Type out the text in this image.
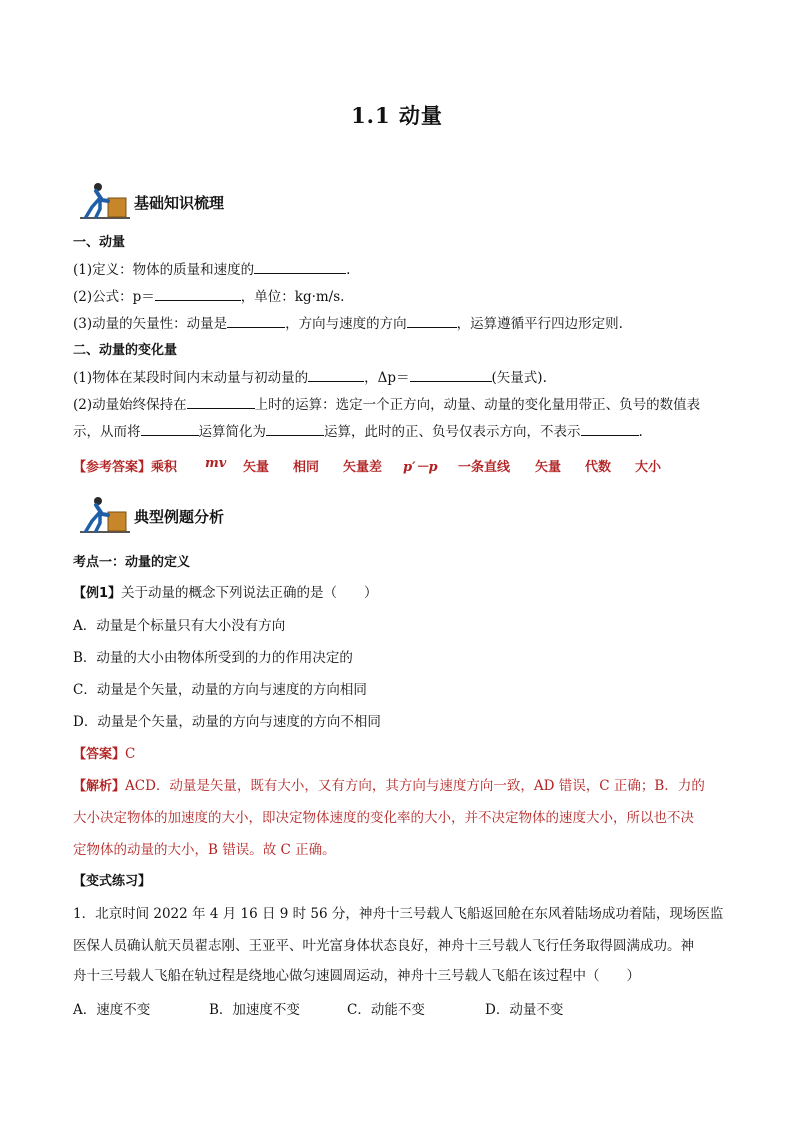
1.1 动量
基础知识梳理
一、动量
(1)定义：物体的质量和速度的	.
(2)公式：p＝	，单位：kg·m/s.
(3)动量的矢量性：动量是	，方向与速度的方向	，运算遵循平行四边形定则.
二、动量的变化量
(1)物体在某段时间内末动量与初动量的	，Δp＝	(矢量式).
(2)动量始终保持在	上时的运算：选定一个正方向，动量、动量的变化量用带正、负号的数值表
示，从而将	运算简化为	运算，此时的正、负号仅表示方向，不表示	.
【参考答案】乘积 mv 矢量 相同 矢量差 p′－p 一条直线 矢量 代数 大小
典型例题分析
考点一：动量的定义
【例1】关于动量的概念下列说法正确的是（　　）
A．动量是个标量只有大小没有方向
B．动量的大小由物体所受到的力的作用决定的
C．动量是个矢量，动量的方向与速度的方向相同
D．动量是个矢量，动量的方向与速度的方向不相同
【答案】C
【解析】ACD．动量是矢量，既有大小，又有方向，其方向与速度方向一致，AD 错误，C 正确；B．力的
大小决定物体的加速度的大小，即决定物体速度的变化率的大小，并不决定物体的速度大小，所以也不决
定物体的动量的大小，B 错误。故 C 正确。
【变式练习】
1．北京时间 2022 年 4 月 16 日 9 时 56 分，神舟十三号载人飞船返回舱在东风着陆场成功着陆，现场医监
医保人员确认航天员翟志刚、王亚平、叶光富身体状态良好，神舟十三号载人飞行任务取得圆满成功。神
舟十三号载人飞船在轨过程是绕地心做匀速圆周运动，神舟十三号载人飞船在该过程中（　　）
A．速度不变	B．加速度不变	C．动能不变	D．动量不变
